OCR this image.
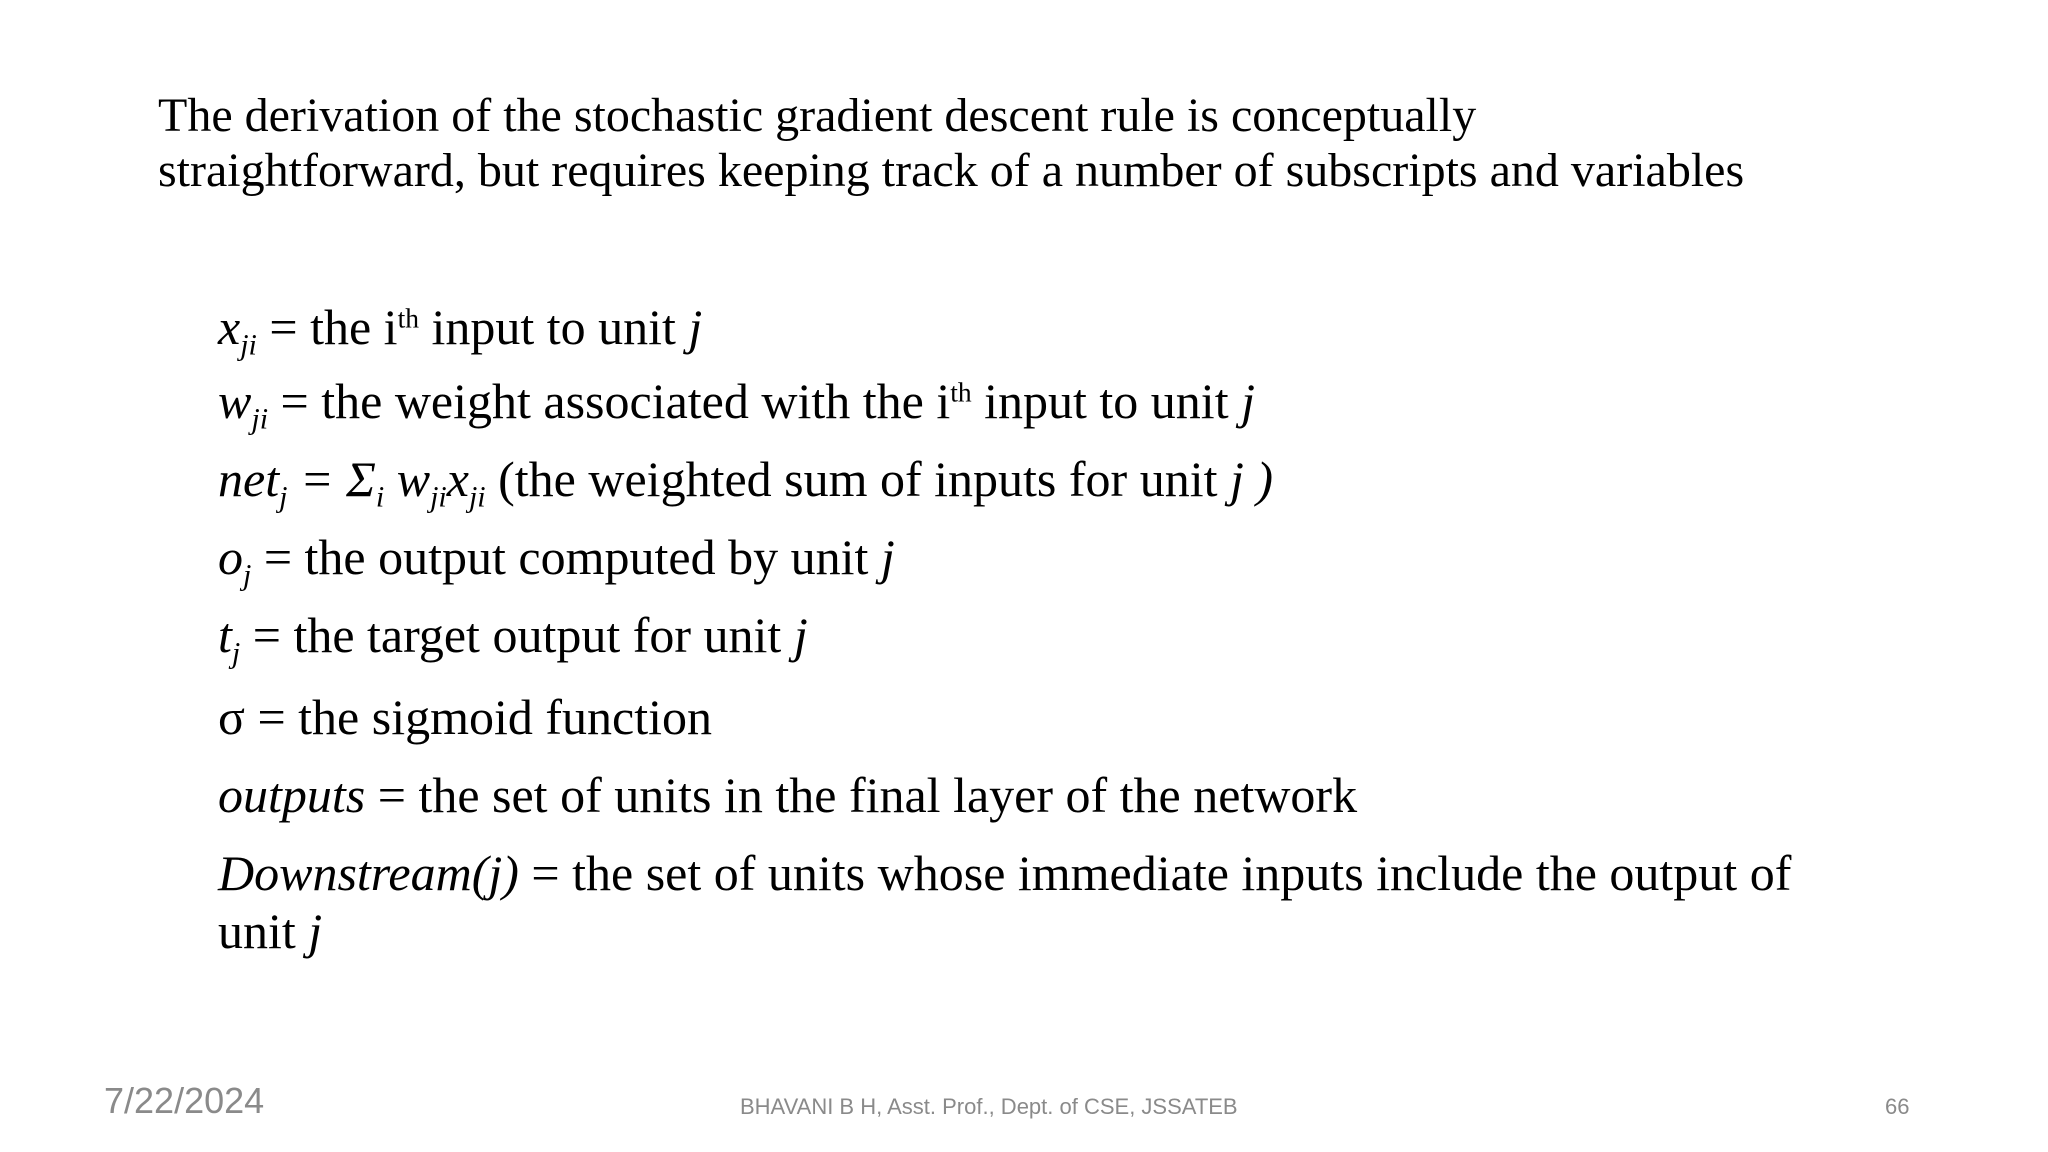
The derivation of the stochastic gradient descent rule is conceptually
straightforward, but requires keeping track of a number of subscripts and variables
$x_{ji}$ = the $i^{th}$ input to unit j
$w_{ji}$ = the weight associated with the $i^{th}$ input to unit j
$net_j = \Sigma_i$ $w_{ji}x_{ji}$ (the weighted sum of inputs for unit j )
$o_j$ = the output computed by unit j
$t_j$ = the target output for unit j
σ = the sigmoid function
outputs = the set of units in the final layer of the network
Downstream(j) = the set of units whose immediate inputs include the output of unit j
7/22/2024	BHAVANI B H, Asst. Prof., Dept. of CSE, JSSATEB	66
